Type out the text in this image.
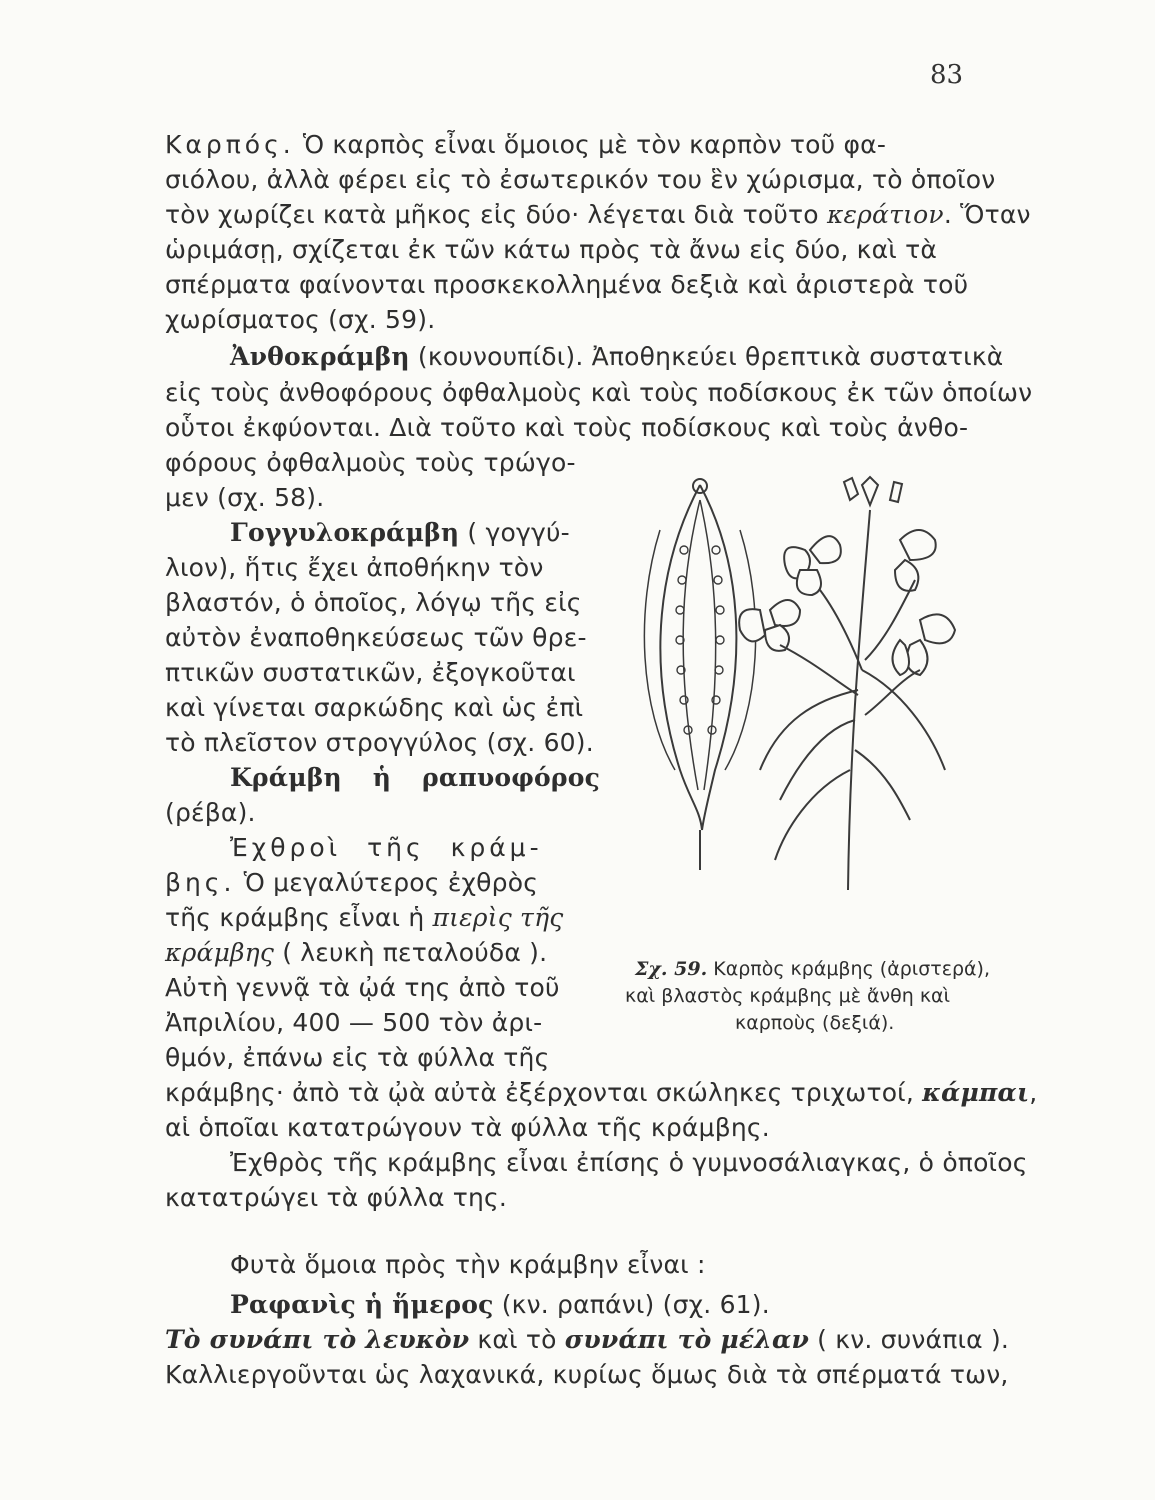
83
Καρπός. Ὁ καρπὸς εἶναι ὅμοιος μὲ τὸν καρπὸν τοῦ φα-
σιόλου, ἀλλὰ φέρει εἰς τὸ ἐσωτερικόν του ἓν χώρισμα, τὸ ὁποῖον
τὸν χωρίζει κατὰ μῆκος εἰς δύο· λέγεται διὰ τοῦτο κεράτιον. Ὅταν
ὡριμάσῃ, σχίζεται ἐκ τῶν κάτω πρὸς τὰ ἄνω εἰς δύο, καὶ τὰ
σπέρματα φαίνονται προσκεκολλημένα δεξιὰ καὶ ἀριστερὰ τοῦ
χωρίσματος (σχ. 59).
Ἀνθοκράμβη (κουνουπίδι). Ἀποθηκεύει θρεπτικὰ συστατικὰ
εἰς τοὺς ἀνθοφόρους ὀφθαλμοὺς καὶ τοὺς ποδίσκους ἐκ τῶν ὁποίων
οὗτοι ἐκφύονται. Διὰ τοῦτο καὶ τοὺς ποδίσκους καὶ τοὺς ἀνθο-
φόρους ὀφθαλμοὺς τοὺς τρώγο-
μεν (σχ. 58).
Γογγυλοκράμβη ( γογγύ-
λιον), ἥτις ἔχει ἀποθήκην τὸν
βλαστόν, ὁ ὁποῖος, λόγῳ τῆς εἰς
αὐτὸν ἐναποθηκεύσεως τῶν θρε-
πτικῶν συστατικῶν, ἐξογκοῦται
καὶ γίνεται σαρκώδης καὶ ὡς ἐπὶ
τὸ πλεῖστον στρογγύλος (σχ. 60).
Κράμβη ἡ ραπυοφόρος
(ρέβα).
Ἐχθροὶ τῆς κράμ-
βης. Ὁ μεγαλύτερος ἐχθρὸς
τῆς κράμβης εἶναι ἡ πιερὶς τῆς
κράμβης ( λευκὴ πεταλούδα ).
Αὐτὴ γεννᾷ τὰ ᾠά της ἀπὸ τοῦ
Ἀπριλίου, 400 — 500 τὸν ἀρι-
θμόν, ἐπάνω εἰς τὰ φύλλα τῆς
κράμβης· ἀπὸ τὰ ᾠὰ αὐτὰ ἐξέρχονται σκώληκες τριχωτοί, κάμπαι,
αἱ ὁποῖαι κατατρώγουν τὰ φύλλα τῆς κράμβης.
Ἐχθρὸς τῆς κράμβης εἶναι ἐπίσης ὁ γυμνοσάλιαγκας, ὁ ὁποῖος
κατατρώγει τὰ φύλλα της.
Φυτὰ ὅμοια πρὸς τὴν κράμβην εἶναι :
Ραφανὶς ἡ ἥμερος (κν. ραπάνι) (σχ. 61).
Τὸ συνάπι τὸ λευκὸν καὶ τὸ συνάπι τὸ μέλαν ( κν. συνάπια ).
Καλλιεργοῦνται ὡς λαχανικά, κυρίως ὅμως διὰ τὰ σπέρματά των,
Σχ. 59. Καρπὸς κράμβης (ἀριστερά),
καὶ βλαστὸς κράμβης μὲ ἄνθη καὶ
καρποὺς (δεξιά).
